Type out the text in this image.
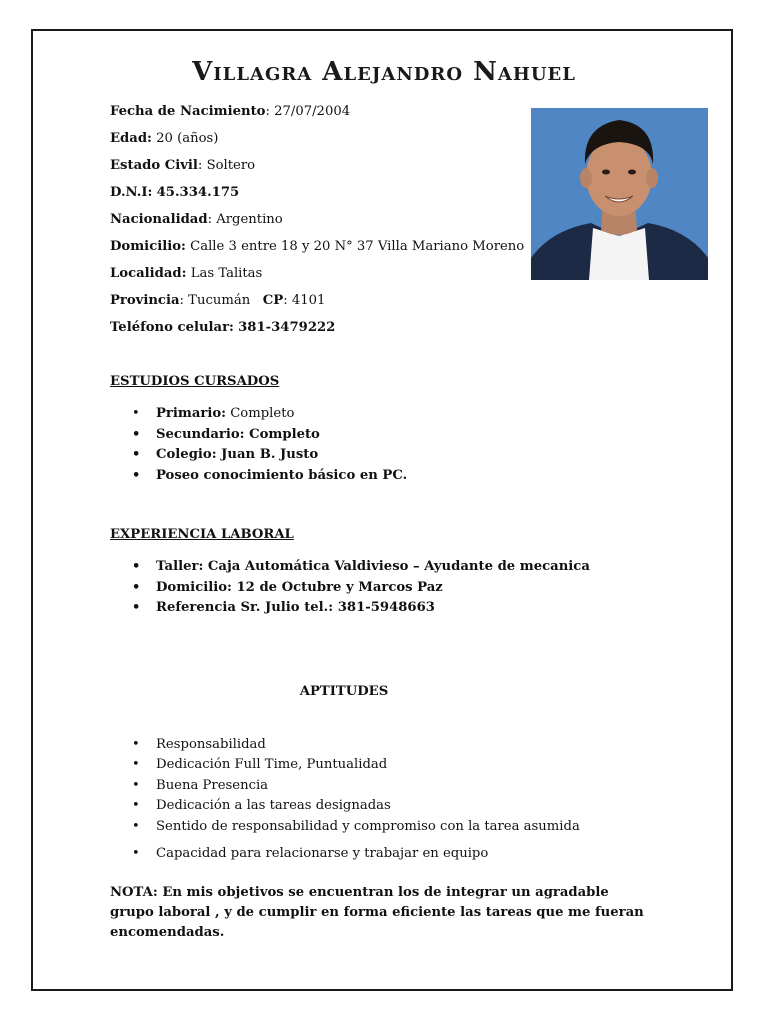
Villagra Alejandro Nahuel
Fecha de Nacimiento: 27/07/2004
Edad: 20 (años)
Estado Civil: Soltero
D.N.I: 45.334.175
Nacionalidad: Argentino
Domicilio: Calle 3 entre 18 y 20 N° 37 Villa Mariano Moreno
Localidad: Las Talitas
Provincia: Tucumán CP: 4101
Teléfono celular: 381-3479222
ESTUDIOS CURSADOS
• Primario: Completo
• Secundario: Completo
• Colegio: Juan B. Justo
• Poseo conocimiento básico en PC.
EXPERIENCIA LABORAL
• Taller: Caja Automática Valdivieso – Ayudante de mecanica
• Domicilio: 12 de Octubre y Marcos Paz
• Referencia Sr. Julio tel.: 381-5948663
APTITUDES
• Responsabilidad
• Dedicación Full Time, Puntualidad
• Buena Presencia
• Dedicación a las tareas designadas
• Sentido de responsabilidad y compromiso con la tarea asumida
• Capacidad para relacionarse y trabajar en equipo
NOTA: En mis objetivos se encuentran los de integrar un agradable grupo laboral , y de cumplir en forma eficiente las tareas que me fueran encomendadas.
